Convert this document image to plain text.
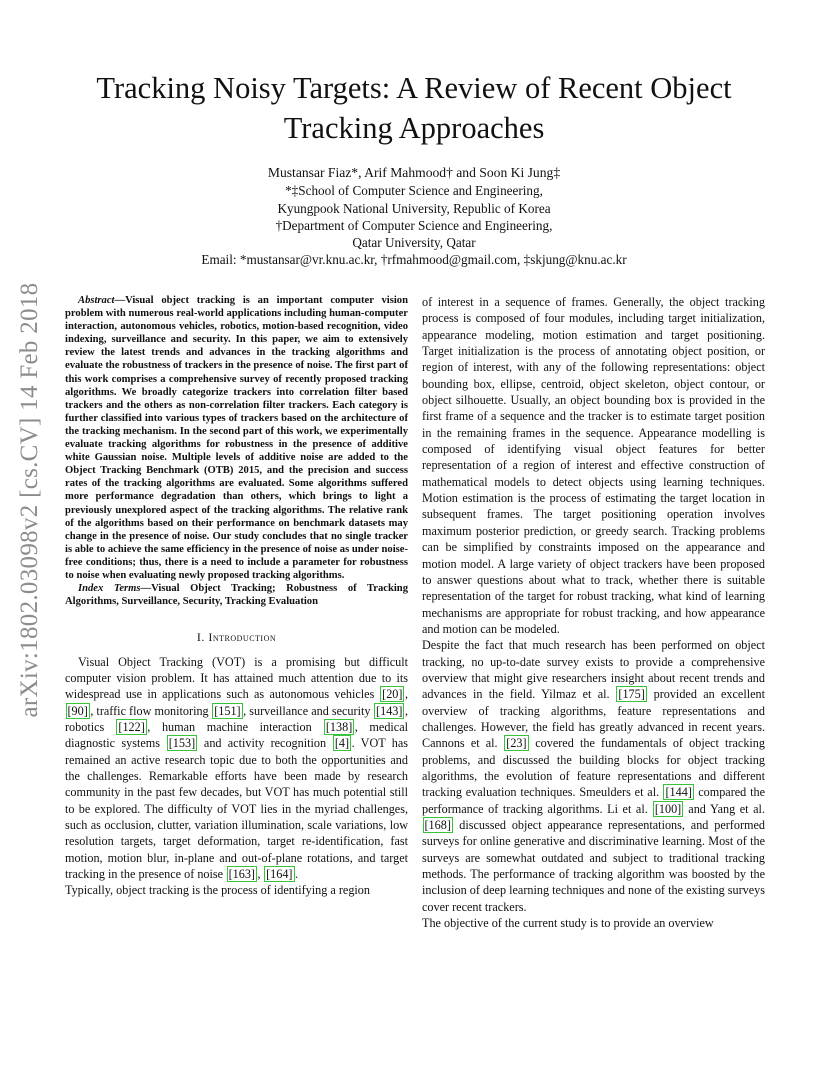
arXiv:1802.03098v2 [cs.CV] 14 Feb 2018
Tracking Noisy Targets: A Review of Recent Object Tracking Approaches
Mustansar Fiaz*, Arif Mahmood† and Soon Ki Jung‡
*‡School of Computer Science and Engineering,
Kyungpook National University, Republic of Korea
†Department of Computer Science and Engineering,
Qatar University, Qatar
Email: *mustansar@vr.knu.ac.kr, †rfmahmood@gmail.com, ‡skjung@knu.ac.kr

Abstract—Visual object tracking is an important computer vision problem with numerous real-world applications including human-computer interaction, autonomous vehicles, robotics, motion-based recognition, video indexing, surveillance and security. In this paper, we aim to extensively review the latest trends and advances in the tracking algorithms and evaluate the robustness of trackers in the presence of noise. The first part of this work comprises a comprehensive survey of recently proposed tracking algorithms. We broadly categorize trackers into correlation filter based trackers and the others as non-correlation filter trackers. Each category is further classified into various types of trackers based on the architecture of the tracking mechanism. In the second part of this work, we experimentally evaluate tracking algorithms for robustness in the presence of additive white Gaussian noise. Multiple levels of additive noise are added to the Object Tracking Benchmark (OTB) 2015, and the precision and success rates of the tracking algorithms are evaluated. Some algorithms suffered more performance degradation than others, which brings to light a previously unexplored aspect of the tracking algorithms. The relative rank of the algorithms based on their performance on benchmark datasets may change in the presence of noise. Our study concludes that no single tracker is able to achieve the same efficiency in the presence of noise as under noise-free conditions; thus, there is a need to include a parameter for robustness to noise when evaluating newly proposed tracking algorithms.

Index Terms—Visual Object Tracking; Robustness of Tracking Algorithms, Surveillance, Security, Tracking Evaluation

I. Introduction

Visual Object Tracking (VOT) is a promising but difficult computer vision problem. It has attained much attention due to its widespread use in applications such as autonomous vehicles [20] , [90] , traffic flow monitoring [151] , surveillance and security [143] , robotics [122] , human machine interaction [138] , medical diagnostic systems [153] and activity recognition [4] . VOT has remained an active research topic due to both the opportunities and the challenges. Remarkable efforts have been made by research community in the past few decades, but VOT has much potential still to be explored. The difficulty of VOT lies in the myriad challenges, such as occlusion, clutter, variation illumination, scale variations, low resolution targets, target deformation, target re-identification, fast motion, motion blur, in-plane and out-of-plane rotations, and target tracking in the presence of noise [163] , [164] .

Typically, object tracking is the process of identifying a region

of interest in a sequence of frames. Generally, the object tracking process is composed of four modules, including target initialization, appearance modeling, motion estimation and target positioning. Target initialization is the process of annotating object position, or region of interest, with any of the following representations: object bounding box, ellipse, centroid, object skeleton, object contour, or object silhouette. Usually, an object bounding box is provided in the first frame of a sequence and the tracker is to estimate target position in the remaining frames in the sequence. Appearance modelling is composed of identifying visual object features for better representation of a region of interest and effective construction of mathematical models to detect objects using learning techniques. Motion estimation is the process of estimating the target location in subsequent frames. The target positioning operation involves maximum posterior prediction, or greedy search. Tracking problems can be simplified by constraints imposed on the appearance and motion model. A large variety of object trackers have been proposed to answer questions about what to track, whether there is suitable representation of the target for robust tracking, what kind of learning mechanisms are appropriate for robust tracking, and how appearance and motion can be modeled.

Despite the fact that much research has been performed on object tracking, no up-to-date survey exists to provide a comprehensive overview that might give researchers insight about recent trends and advances in the field. Yilmaz et al. [175] provided an excellent overview of tracking algorithms, feature representations and challenges. However, the field has greatly advanced in recent years. Cannons et al. [23] covered the fundamentals of object tracking problems, and discussed the building blocks for object tracking algorithms, the evolution of feature representations and different tracking evaluation techniques. Smeulders et al. [144] compared the performance of tracking algorithms. Li et al. [100] and Yang et al. [168] discussed object appearance representations, and performed surveys for online generative and discriminative learning. Most of the surveys are somewhat outdated and subject to traditional tracking methods. The performance of tracking algorithm was boosted by the inclusion of deep learning techniques and none of the existing surveys cover recent trackers.

The objective of the current study is to provide an overview
